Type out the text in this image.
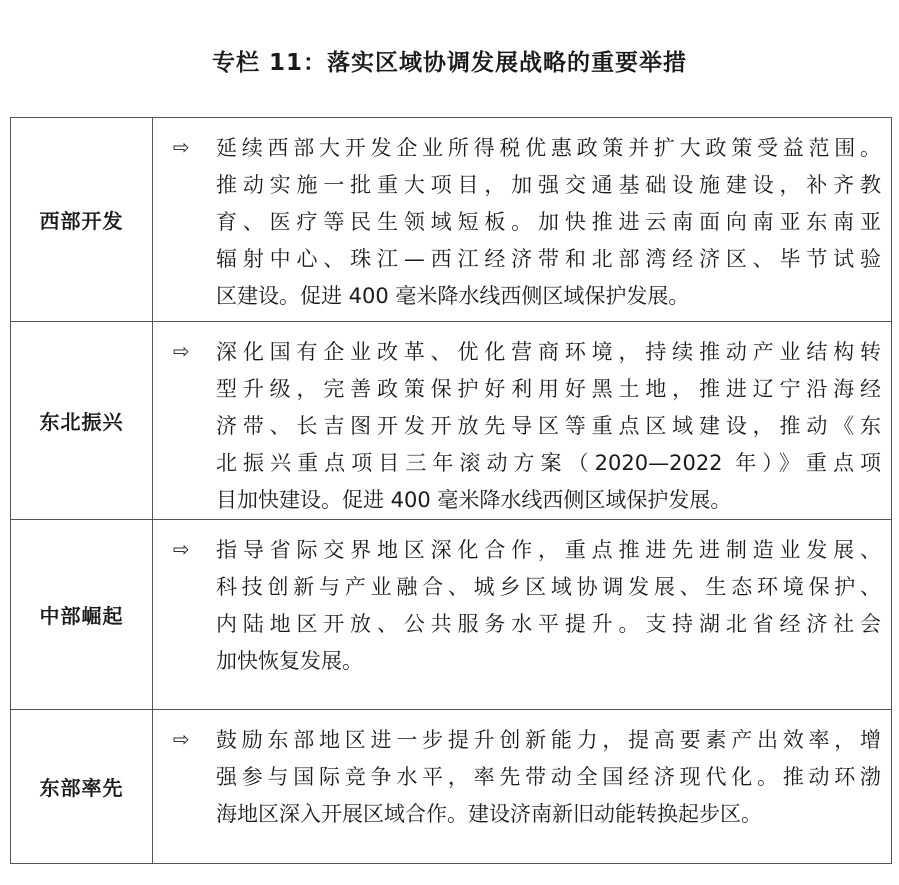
专栏 11：落实区域协调发展战略的重要举措
西部开发
⇨ 延续西部大开发企业所得税优惠政策并扩大政策受益范围。
推动实施一批重大项目，加强交通基础设施建设，补齐教
育、医疗等民生领域短板。加快推进云南面向南亚东南亚
辐射中心、珠江—西江经济带和北部湾经济区、毕节试验
区建设。促进 400 毫米降水线西侧区域保护发展。
东北振兴
⇨ 深化国有企业改革、优化营商环境，持续推动产业结构转
型升级，完善政策保护好利用好黑土地，推进辽宁沿海经
济带、长吉图开发开放先导区等重点区域建设，推动《东
北振兴重点项目三年滚动方案（2020—2022 年）》重点项
目加快建设。促进 400 毫米降水线西侧区域保护发展。
中部崛起
⇨ 指导省际交界地区深化合作，重点推进先进制造业发展、
科技创新与产业融合、城乡区域协调发展、生态环境保护、
内陆地区开放、公共服务水平提升。支持湖北省经济社会
加快恢复发展。
东部率先
⇨ 鼓励东部地区进一步提升创新能力，提高要素产出效率，增
强参与国际竞争水平，率先带动全国经济现代化。推动环渤
海地区深入开展区域合作。建设济南新旧动能转换起步区。
